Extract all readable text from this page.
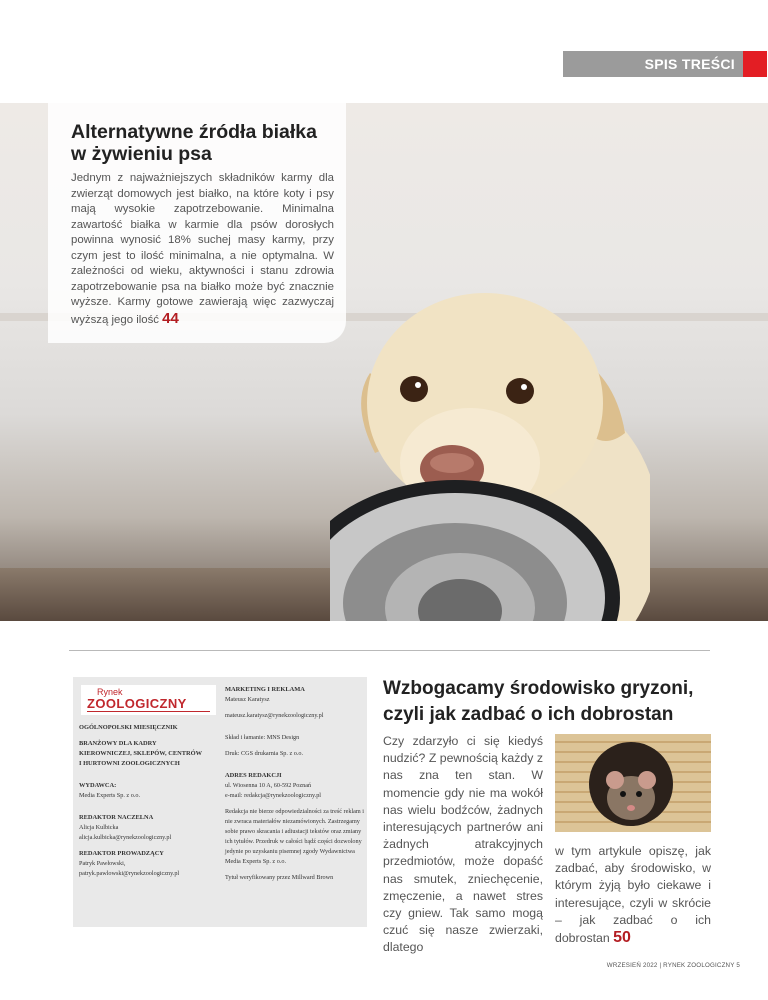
SPIS TREŚCI
Alternatywne źródła białka
w żywieniu psa

Jednym z najważniejszych składników karmy dla zwierząt domowych jest białko, na które koty i psy mają wysokie zapotrzebowanie. Minimalna zawartość białka w karmie dla psów dorosłych powinna wynosić 18% suchej masy karmy, przy czym jest to ilość minimalna, a nie optymalna. W zależności od wieku, aktywności i stanu zdrowia zapotrzebowanie psa na białko może być znacznie wyższe. Karmy gotowe zawierają więc zazwyczaj wyższą jego ilość 44

Rynek
ZOOLOGICZNY
OGÓLNOPOLSKI MIESIĘCZNIK
BRANŻOWY DLA KADRY
KIEROWNICZEJ, SKLEPÓW, CENTRÓW
I HURTOWNI ZOOLOGICZNYCH
WYDAWCA:
Media Experts Sp. z o.o.
REDAKTOR NACZELNA
Alicja Kulbicka
alicja.kulbicka@rynekzoologiczny.pl
REDAKTOR PROWADZĄCY
Patryk Pawłowski,
patryk.pawlowski@rynekzoologiczny.pl
MARKETING I REKLAMA
Mateusz Karatysz
mateusz.karatysz@rynekzoologiczny.pl
Skład i łamanie: MNS Design
Druk: CGS drukarnia Sp. z o.o.
ADRES REDAKCJI
ul. Wiosenna 10 A, 60-592 Poznań
e-mail: redakcja@rynekzoologiczny.pl
Redakcja nie bierze odpowiedzialności za treść reklam i nie zwraca materiałów niezamówionych. Zastrzegamy sobie prawo skracania i adiustacji tekstów oraz zmiany ich tytułów. Przedruk w całości bądź części dozwolony jedynie po uzyskaniu pisemnej zgody Wydawnictwa Media Experts Sp. z o.o.
Tytuł weryfikowany przez Millward Brown
Wzbogacamy środowisko gryzoni,
czyli jak zadbać o ich dobrostan
Czy zdarzyło ci się kiedyś nudzić? Z pewnością każdy z nas zna ten stan. W momencie gdy nie ma wokół nas wielu bodźców, żadnych interesujących partnerów ani żadnych atrakcyjnych przedmiotów, może dopaść nas smutek, zniechęcenie, zmęczenie, a nawet stres czy gniew. Tak samo mogą czuć się nasze zwierzaki, dlatego
w tym artykule opiszę, jak zadbać, aby środowisko, w którym żyją było ciekawe i interesujące, czyli w skrócie – jak zadbać o ich dobrostan 50
WRZESIEŃ 2022 | RYNEK ZOOLOGICZNY 5
